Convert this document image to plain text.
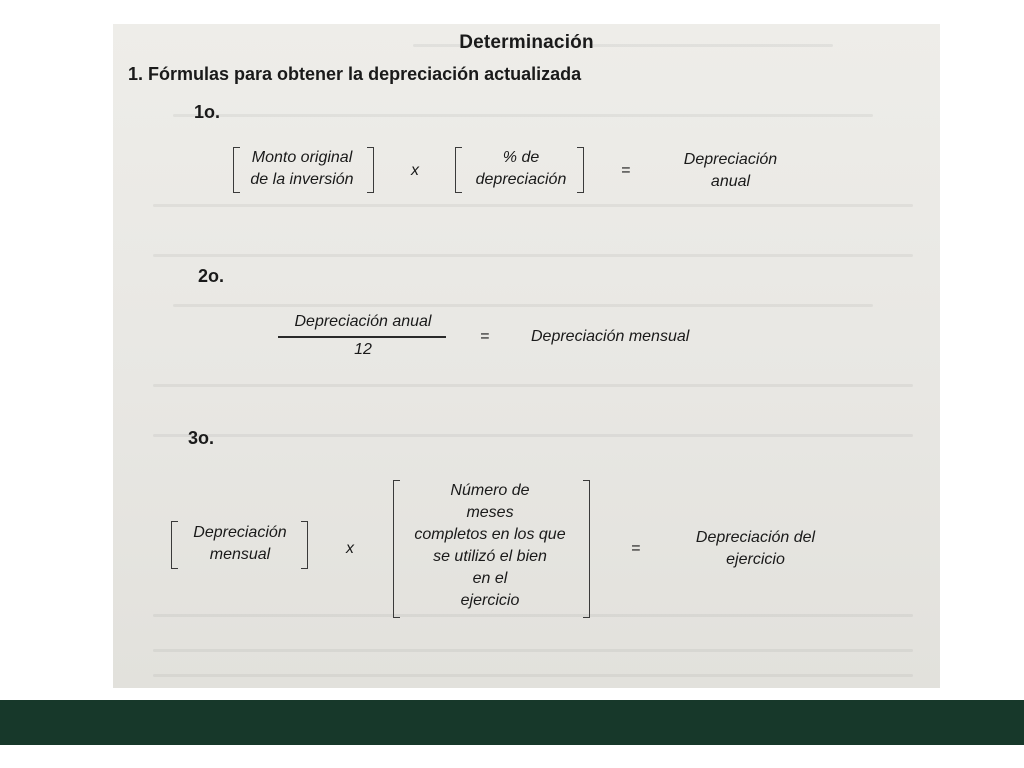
Determinación
1. Fórmulas para obtener la depreciación actualizada
1o.
Monto original
de la inversión
x
% de
depreciación
=
Depreciación
anual
2o.
Depreciación anual
12
=	Depreciación mensual
3o.
Depreciación
mensual	x
Número de
meses
completos en los que
se utilizó el bien
en el
ejercicio
=
Depreciación del
ejercicio
